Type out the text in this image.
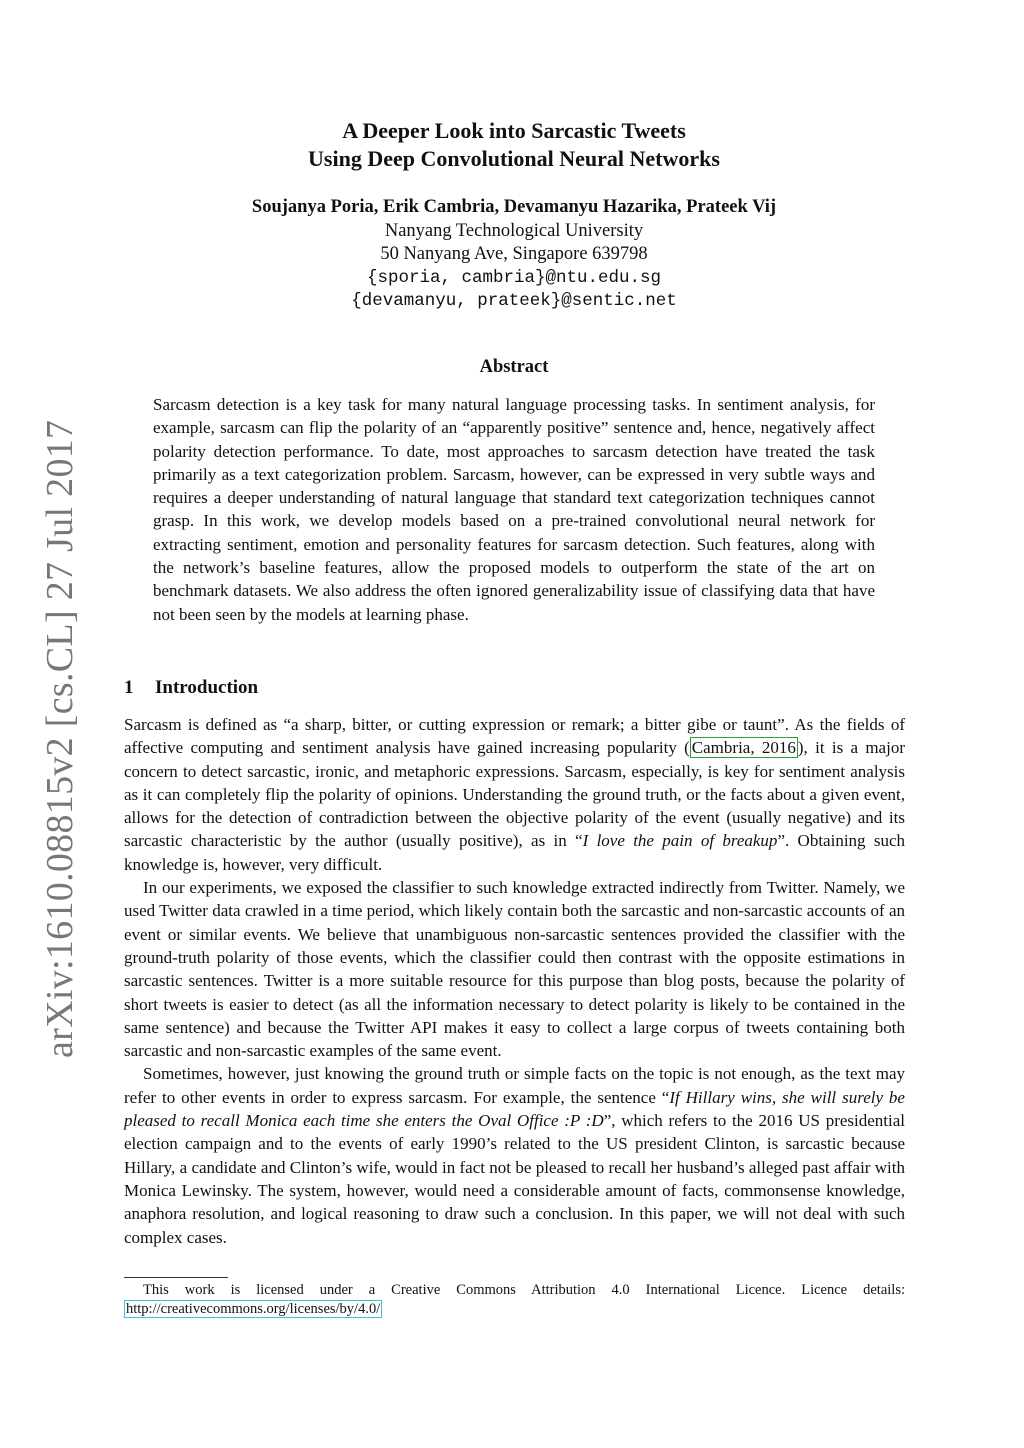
arXiv:1610.08815v2 [cs.CL] 27 Jul 2017
A Deeper Look into Sarcastic Tweets
Using Deep Convolutional Neural Networks
Soujanya Poria, Erik Cambria, Devamanyu Hazarika, Prateek Vij
Nanyang Technological University
50 Nanyang Ave, Singapore 639798
{sporia, cambria}@ntu.edu.sg
{devamanyu, prateek}@sentic.net
Abstract
Sarcasm detection is a key task for many natural language processing tasks. In sentiment analysis, for example, sarcasm can flip the polarity of an “apparently positive” sentence and, hence, negatively affect polarity detection performance. To date, most approaches to sarcasm detection have treated the task primarily as a text categorization problem. Sarcasm, however, can be expressed in very subtle ways and requires a deeper understanding of natural language that standard text categorization techniques cannot grasp. In this work, we develop models based on a pre-trained convolutional neural network for extracting sentiment, emotion and personality features for sarcasm detection. Such features, along with the network’s baseline features, allow the proposed models to outperform the state of the art on benchmark datasets. We also address the often ignored generalizability issue of classifying data that have not been seen by the models at learning phase.
1 Introduction

Sarcasm is defined as “a sharp, bitter, or cutting expression or remark; a bitter gibe or taunt”. As the fields of affective computing and sentiment analysis have gained increasing popularity ( Cambria, 2016 ), it is a major concern to detect sarcastic, ironic, and metaphoric expressions. Sarcasm, especially, is key for sentiment analysis as it can completely flip the polarity of opinions. Understanding the ground truth, or the facts about a given event, allows for the detection of contradiction between the objective polarity of the event (usually negative) and its sarcastic characteristic by the author (usually positive), as in “I love the pain of breakup”. Obtaining such knowledge is, however, very difficult.

In our experiments, we exposed the classifier to such knowledge extracted indirectly from Twitter. Namely, we used Twitter data crawled in a time period, which likely contain both the sarcastic and non-sarcastic accounts of an event or similar events. We believe that unambiguous non-sarcastic sentences provided the classifier with the ground-truth polarity of those events, which the classifier could then contrast with the opposite estimations in sarcastic sentences. Twitter is a more suitable resource for this purpose than blog posts, because the polarity of short tweets is easier to detect (as all the information necessary to detect polarity is likely to be contained in the same sentence) and because the Twitter API makes it easy to collect a large corpus of tweets containing both sarcastic and non-sarcastic examples of the same event.

Sometimes, however, just knowing the ground truth or simple facts on the topic is not enough, as the text may refer to other events in order to express sarcasm. For example, the sentence “If Hillary wins, she will surely be pleased to recall Monica each time she enters the Oval Office :P :D”, which refers to the 2016 US presidential election campaign and to the events of early 1990’s related to the US president Clinton, is sarcastic because Hillary, a candidate and Clinton’s wife, would in fact not be pleased to recall her husband’s alleged past affair with Monica Lewinsky. The system, however, would need a considerable amount of facts, commonsense knowledge, anaphora resolution, and logical reasoning to draw such a conclusion. In this paper, we will not deal with such complex cases.

This work is licensed under a Creative Commons Attribution 4.0 International Licence. Licence details:
http://creativecommons.org/licenses/by/4.0/
